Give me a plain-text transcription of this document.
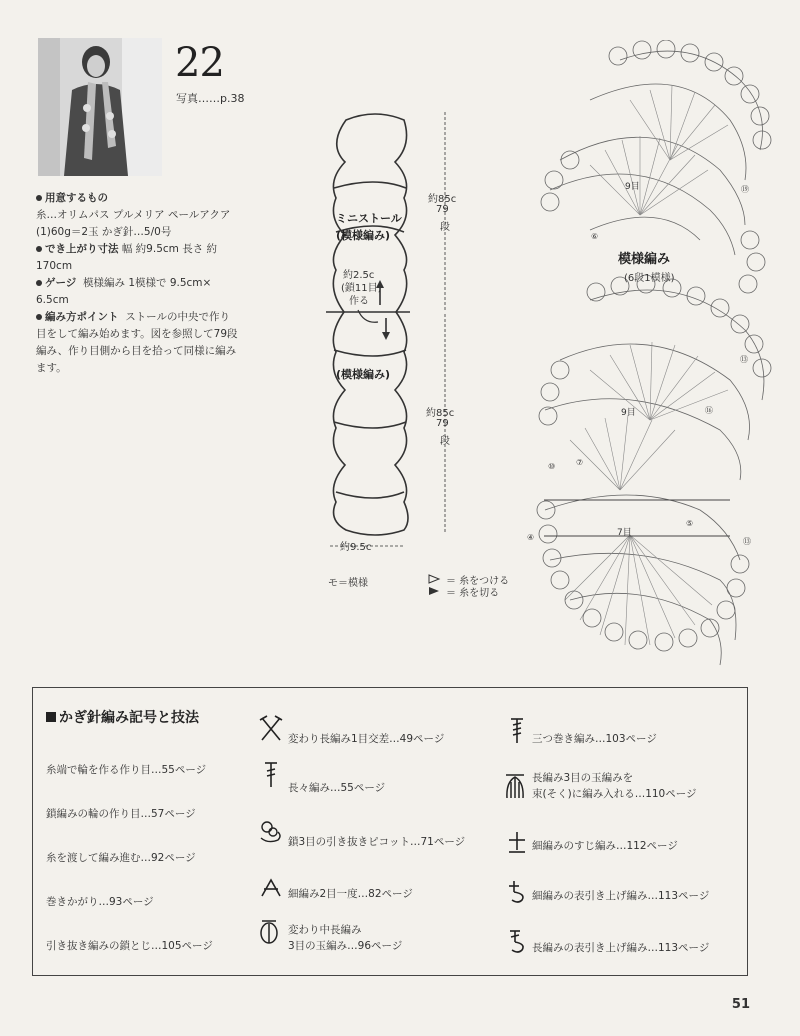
22
写真……p.38
用意するもの
糸…オリムパス プルメリア ペールアクア
(1)60g＝2玉 かぎ針…5/0号
でき上がり寸法 幅 約9.5cm 長さ 約
170cm
ゲージ 模様編み 1模様で 9.5cm×
6.5cm
編み方ポイント ストールの中央で作り
目をして編み始めます。図を参照して79段
編み、作り目側から目を拾って同様に編み
ます。
ミニストール
(模様編み)
(模様編み)
約2.5c
(鎖11目)
作る
約85c
79
段
約85c
79
段
約9.5c
モ＝模様	＝ 糸をつける
＝ 糸を切る
模様編み
(6段1模様)
9目
9目
7目
⑲
⑯
⑬
⑩	⑦
④
⑤
⑥
⑬
かぎ針編み記号と技法
糸端で輪を作る作り目…55ページ
鎖編みの輪の作り目…57ページ
糸を渡して編み進む…92ページ
巻きかがり…93ページ
引き抜き編みの鎖とじ…105ページ
変わり長編み1目交差…49ページ
長々編み…55ページ
鎖3目の引き抜きピコット…71ページ
細編み2目一度…82ページ
変わり中長編み
3目の玉編み…96ページ
三つ巻き編み…103ページ
長編み3目の玉編みを
束(そく)に編み入れる…110ページ
細編みのすじ編み…112ページ
細編みの表引き上げ編み…113ページ
長編みの表引き上げ編み…113ページ
51
